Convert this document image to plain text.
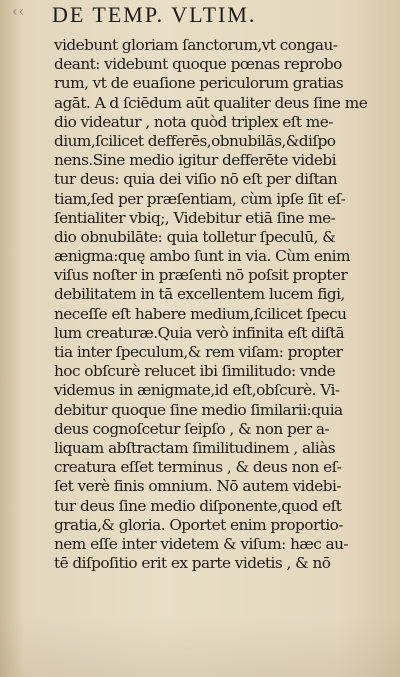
‹‹ DE TEMP. VLTIM.
videbunt gloriam ſanctorum,vt congau-
deant: videbunt quoque pœnas reprobo
rum, vt de euaſione periculorum gratias
agāt. A d ſciēdum aūt qualiter deus ſine me
dio videatur , nota quòd triplex eſt me-
dium,ſcilicet defferēs,obnubilās,&diſpo
nens.Sine medio igitur defferēte videbi
tur deus: quia dei viſio nō eſt per diſtan
tiam,ſed per præſentiam, cùm ipſe ſit eſ-
ſentialiter vbiq;, Videbitur etiā ſine me-
dio obnubilāte: quia tolletur ſpeculū, &
ænigma:quę ambo ſunt in via. Cùm enim
viſus noſter in præſenti nō poſsit propter
debilitatem in tā excellentem lucem figi,
neceſſe eſt habere medium,ſcilicet ſpecu
lum creaturæ.Quia verò infinita eſt diſtā
tia inter ſpeculum,& rem viſam: propter
hoc obſcurè relucet ibi ſimilitudo: vnde
videmus in ænigmate,id eſt,obſcurè. Vi-
debitur quoque ſine medio ſimilarii:quia
deus cognoſcetur ſeipſo , & non per a-
liquam abſtractam ſimilitudinem , aliàs
creatura eſſet terminus , & deus non eſ-
ſet verè finis omnium. Nō autem videbi-
tur deus ſine medio diſponente,quod eſt
gratia,& gloria. Oportet enim proportio-
nem eſſe inter videtem & viſum: hæc au-
tē diſpoſitio erit ex parte videtis , & nō
